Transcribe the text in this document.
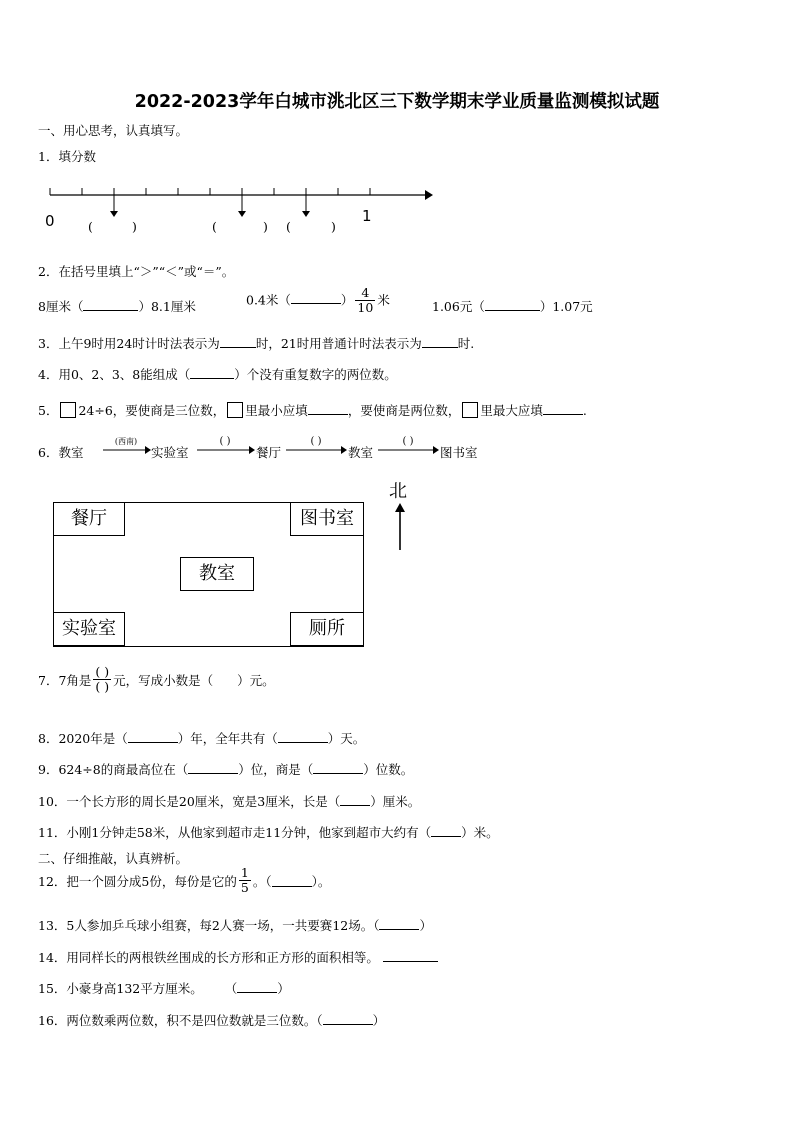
2022-2023学年白城市洮北区三下数学期末学业质量监测模拟试题
一、用心思考，认真填写。
1．填分数
0	1
(	)	(	) (	)
2．在括号里填上“＞”“＜”或“＝”。
8厘米（	）8.1厘米	0.4米（	） $\frac{4}{10}$ 米	1.06元（	）1.07元
3．上午9时用24时计时法表示为	时，21时用普通计时法表示为	时.
4．用0、2、3、8能组成（	）个没有重复数字的两位数。
5． 24÷6，要使商是三位数， 里最小应填	，要使商是两位数， 里最大应填	.
6．教室
(西南)
实验室
( )
餐厅
( )
教室
( )
图书室
餐厅	图书室
教室
实验室	厕所
北
7．7角是 $\frac{( )}{( )}$ 元，写成小数是（ ）元。
8．2020年是（	）年，全年共有（	）天。
9．624÷8的商最高位在（	）位，商是（	）位数。
10．一个长方形的周长是20厘米，宽是3厘米，长是（ ）厘米。
11．小刚1分钟走58米，从他家到超市走11分钟，他家到超市大约有（ ）米。
二、仔细推敲，认真辨析。
12．把一个圆分成5份，每份是它的 $\frac{1}{5}$ 。（	）。
13．5人参加乒乓球小组赛，每2人赛一场，一共要赛12场。（	）
14．用同样长的两根铁丝围成的长方形和正方形的面积相等。
15．小豪身高132平方厘米。 （	）
16．两位数乘两位数，积不是四位数就是三位数。（	）
